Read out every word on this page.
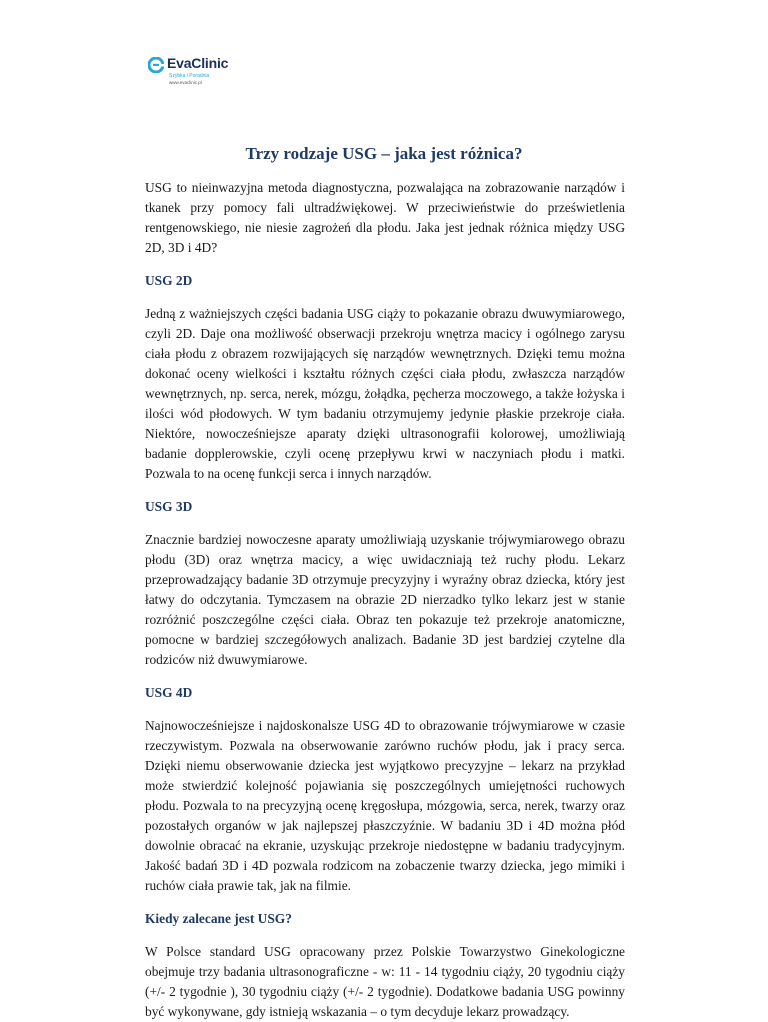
EvaClinic
Szybka i Poradnia
www.evaclinic.pl
Trzy rodzaje USG – jaka jest różnica?

USG to nieinwazyjna metoda diagnostyczna, pozwalająca na zobrazowanie narządów i tkanek przy pomocy fali ultradźwiękowej. W przeciwieństwie do prześwietlenia rentgenowskiego, nie niesie zagrożeń dla płodu. Jaka jest jednak różnica między USG 2D, 3D i 4D?

USG 2D

Jedną z ważniejszych części badania USG ciąży to pokazanie obrazu dwuwymiarowego, czyli 2D. Daje ona możliwość obserwacji przekroju wnętrza macicy i ogólnego zarysu ciała płodu z obrazem rozwijających się narządów wewnętrznych. Dzięki temu można dokonać oceny wielkości i kształtu różnych części ciała płodu, zwłaszcza narządów wewnętrznych, np. serca, nerek, mózgu, żołądka, pęcherza moczowego, a także łożyska i ilości wód płodowych. W tym badaniu otrzymujemy jedynie płaskie przekroje ciała. Niektóre, nowocześniejsze aparaty dzięki ultrasonografii kolorowej, umożliwiają badanie dopplerowskie, czyli ocenę przepływu krwi w naczyniach płodu i matki. Pozwala to na ocenę funkcji serca i innych narządów.

USG 3D

Znacznie bardziej nowoczesne aparaty umożliwiają uzyskanie trójwymiarowego obrazu płodu (3D) oraz wnętrza macicy, a więc uwidaczniają też ruchy płodu. Lekarz przeprowadzający badanie 3D otrzymuje precyzyjny i wyraźny obraz dziecka, który jest łatwy do odczytania. Tymczasem na obrazie 2D nierzadko tylko lekarz jest w stanie rozróżnić poszczególne części ciała. Obraz ten pokazuje też przekroje anatomiczne, pomocne w bardziej szczegółowych analizach. Badanie 3D jest bardziej czytelne dla rodziców niż dwuwymiarowe.

USG 4D

Najnowocześniejsze i najdoskonalsze USG 4D to obrazowanie trójwymiarowe w czasie rzeczywistym. Pozwala na obserwowanie zarówno ruchów płodu, jak i pracy serca. Dzięki niemu obserwowanie dziecka jest wyjątkowo precyzyjne – lekarz na przykład może stwierdzić kolejność pojawiania się poszczególnych umiejętności ruchowych płodu. Pozwala to na precyzyjną ocenę kręgosłupa, mózgowia, serca, nerek, twarzy oraz pozostałych organów w jak najlepszej płaszczyźnie. W badaniu 3D i 4D można płód dowolnie obracać na ekranie, uzyskując przekroje niedostępne w badaniu tradycyjnym. Jakość badań 3D i 4D pozwala rodzicom na zobaczenie twarzy dziecka, jego mimiki i ruchów ciała prawie tak, jak na filmie.

Kiedy zalecane jest USG?

W Polsce standard USG opracowany przez Polskie Towarzystwo Ginekologiczne obejmuje trzy badania ultrasonograficzne - w: 11 - 14 tygodniu ciąży, 20 tygodniu ciąży (+/- 2 tygodnie ), 30 tygodniu ciąży (+/- 2 tygodnie). Dodatkowe badania USG powinny być wykonywane, gdy istnieją wskazania – o tym decyduje lekarz prowadzący.
